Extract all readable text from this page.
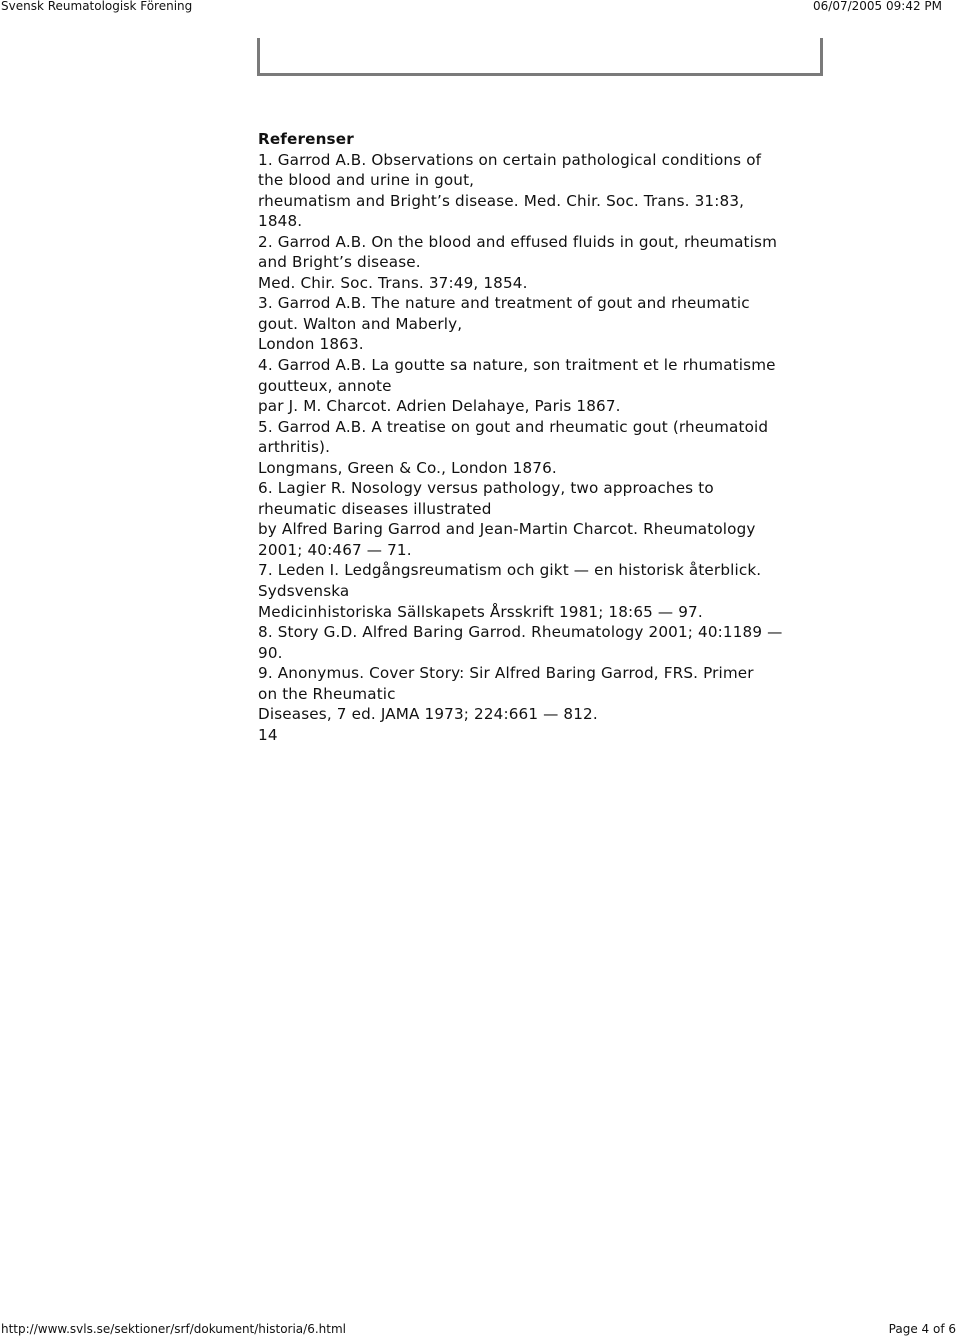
Svensk Reumatologisk Förening	06/07/2005 09:42 PM
Referenser
1. Garrod A.B. Observations on certain pathological conditions of
the blood and urine in gout,
rheumatism and Bright’s disease. Med. Chir. Soc. Trans. 31:83,
1848.
2. Garrod A.B. On the blood and effused fluids in gout, rheumatism
and Bright’s disease.
Med. Chir. Soc. Trans. 37:49, 1854.
3. Garrod A.B. The nature and treatment of gout and rheumatic
gout. Walton and Maberly,
London 1863.
4. Garrod A.B. La goutte sa nature, son traitment et le rhumatisme
goutteux, annote
par J. M. Charcot. Adrien Delahaye, Paris 1867.
5. Garrod A.B. A treatise on gout and rheumatic gout (rheumatoid
arthritis).
Longmans, Green & Co., London 1876.
6. Lagier R. Nosology versus pathology, two approaches to
rheumatic diseases illustrated
by Alfred Baring Garrod and Jean-Martin Charcot. Rheumatology
2001; 40:467 — 71.
7. Leden I. Ledgångsreumatism och gikt — en historisk återblick.
Sydsvenska
Medicinhistoriska Sällskapets Årsskrift 1981; 18:65 — 97.
8. Story G.D. Alfred Baring Garrod. Rheumatology 2001; 40:1189 —
90.
9. Anonymus. Cover Story: Sir Alfred Baring Garrod, FRS. Primer
on the Rheumatic
Diseases, 7 ed. JAMA 1973; 224:661 — 812.
14
http://www.svls.se/sektioner/srf/dokument/historia/6.html	Page 4 of 6
